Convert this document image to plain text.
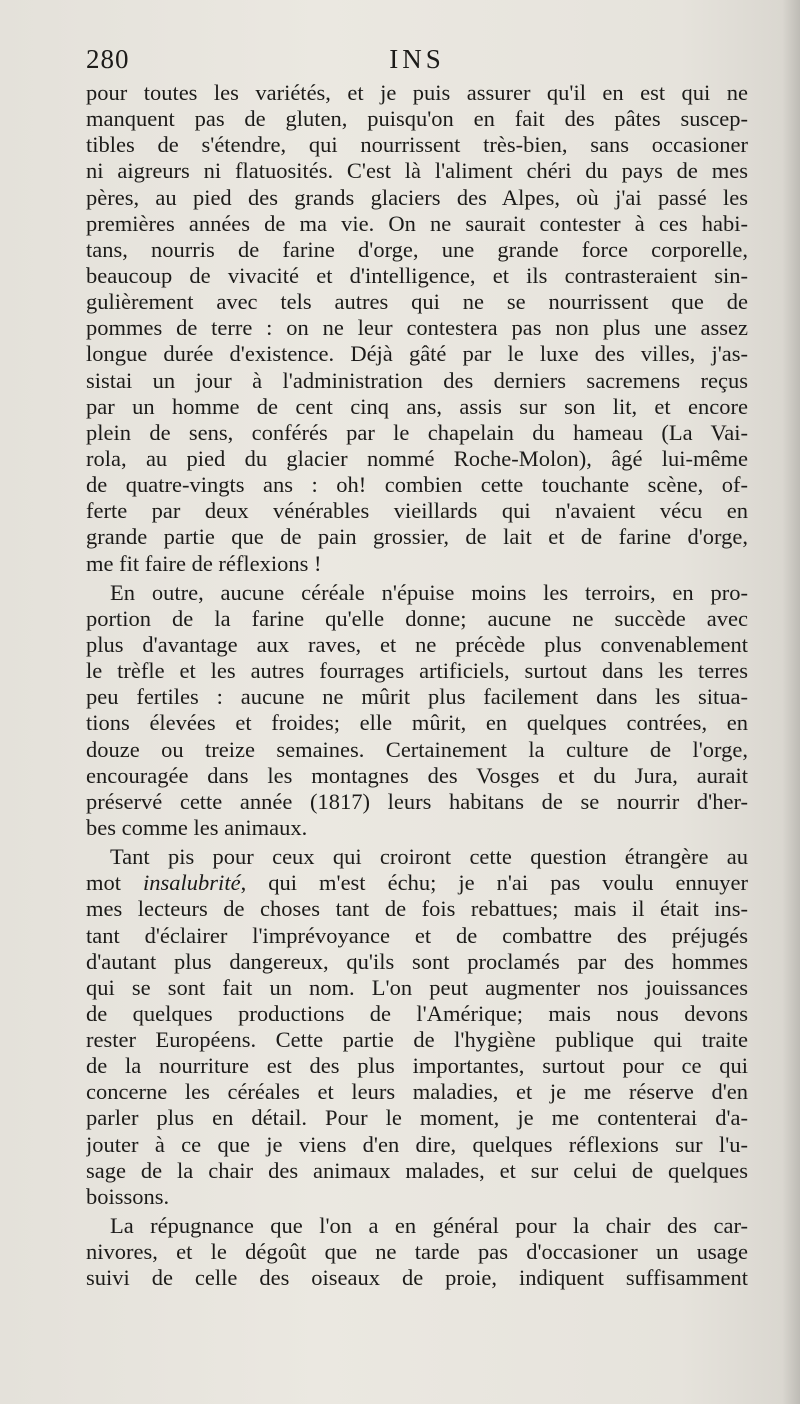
280	INS
pour toutes les variétés, et je puis assurer qu'il en est qui ne
manquent pas de gluten, puisqu'on en fait des pâtes suscep-
tibles de s'étendre, qui nourrissent très-bien, sans occasioner
ni aigreurs ni flatuosités. C'est là l'aliment chéri du pays de mes
pères, au pied des grands glaciers des Alpes, où j'ai passé les
premières années de ma vie. On ne saurait contester à ces habi-
tans, nourris de farine d'orge, une grande force corporelle,
beaucoup de vivacité et d'intelligence, et ils contrasteraient sin-
gulièrement avec tels autres qui ne se nourrissent que de
pommes de terre : on ne leur contestera pas non plus une assez
longue durée d'existence. Déjà gâté par le luxe des villes, j'as-
sistai un jour à l'administration des derniers sacremens reçus
par un homme de cent cinq ans, assis sur son lit, et encore
plein de sens, conférés par le chapelain du hameau (La Vai-
rola, au pied du glacier nommé Roche-Molon), âgé lui-même
de quatre-vingts ans : oh! combien cette touchante scène, of-
ferte par deux vénérables vieillards qui n'avaient vécu en
grande partie que de pain grossier, de lait et de farine d'orge,
me fit faire de réflexions !
En outre, aucune céréale n'épuise moins les terroirs, en pro-
portion de la farine qu'elle donne; aucune ne succède avec
plus d'avantage aux raves, et ne précède plus convenablement
le trèfle et les autres fourrages artificiels, surtout dans les terres
peu fertiles : aucune ne mûrit plus facilement dans les situa-
tions élevées et froides; elle mûrit, en quelques contrées, en
douze ou treize semaines. Certainement la culture de l'orge,
encouragée dans les montagnes des Vosges et du Jura, aurait
préservé cette année (1817) leurs habitans de se nourrir d'her-
bes comme les animaux.
Tant pis pour ceux qui croiront cette question étrangère au
mot insalubrité, qui m'est échu; je n'ai pas voulu ennuyer
mes lecteurs de choses tant de fois rebattues; mais il était ins-
tant d'éclairer l'imprévoyance et de combattre des préjugés
d'autant plus dangereux, qu'ils sont proclamés par des hommes
qui se sont fait un nom. L'on peut augmenter nos jouissances
de quelques productions de l'Amérique; mais nous devons
rester Européens. Cette partie de l'hygiène publique qui traite
de la nourriture est des plus importantes, surtout pour ce qui
concerne les céréales et leurs maladies, et je me réserve d'en
parler plus en détail. Pour le moment, je me contenterai d'a-
jouter à ce que je viens d'en dire, quelques réflexions sur l'u-
sage de la chair des animaux malades, et sur celui de quelques
boissons.
La répugnance que l'on a en général pour la chair des car-
nivores, et le dégoût que ne tarde pas d'occasioner un usage
suivi de celle des oiseaux de proie, indiquent suffisamment
